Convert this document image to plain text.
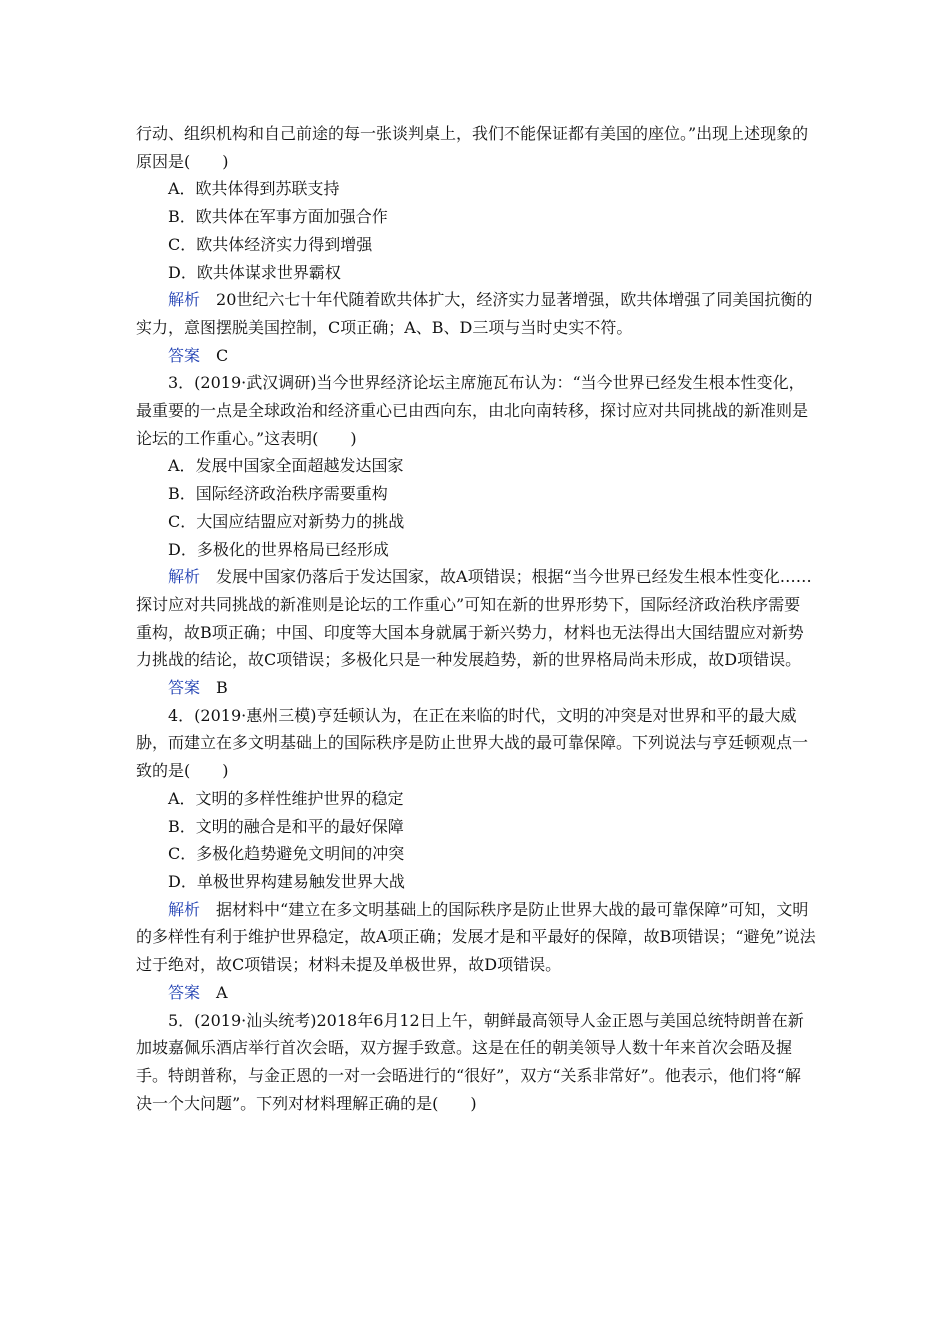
行动、组织机构和自己前途的每一张谈判桌上，我们不能保证都有美国的座位。”出现上述现象的原因是(　　)

A．欧共体得到苏联支持

B．欧共体在军事方面加强合作

C．欧共体经济实力得到增强

D．欧共体谋求世界霸权

解析 20世纪六七十年代随着欧共体扩大，经济实力显著增强，欧共体增强了同美国抗衡的实力，意图摆脱美国控制，C项正确；A、B、D三项与当时史实不符。

答案 C

3．(2019·武汉调研)当今世界经济论坛主席施瓦布认为：“当今世界已经发生根本性变化，最重要的一点是全球政治和经济重心已由西向东，由北向南转移，探讨应对共同挑战的新准则是论坛的工作重心。”这表明(　　)

A．发展中国家全面超越发达国家

B．国际经济政治秩序需要重构

C．大国应结盟应对新势力的挑战

D．多极化的世界格局已经形成

解析 发展中国家仍落后于发达国家，故A项错误；根据“当今世界已经发生根本性变化……探讨应对共同挑战的新准则是论坛的工作重心”可知在新的世界形势下，国际经济政治秩序需要重构，故B项正确；中国、印度等大国本身就属于新兴势力，材料也无法得出大国结盟应对新势力挑战的结论，故C项错误；多极化只是一种发展趋势，新的世界格局尚未形成，故D项错误。

答案 B

4．(2019·惠州三模)亨廷顿认为，在正在来临的时代，文明的冲突是对世界和平的最大威胁，而建立在多文明基础上的国际秩序是防止世界大战的最可靠保障。下列说法与亨廷顿观点一致的是(　　)

A．文明的多样性维护世界的稳定

B．文明的融合是和平的最好保障

C．多极化趋势避免文明间的冲突

D．单极世界构建易触发世界大战

解析 据材料中“建立在多文明基础上的国际秩序是防止世界大战的最可靠保障”可知，文明的多样性有利于维护世界稳定，故A项正确；发展才是和平最好的保障，故B项错误；“避免”说法过于绝对，故C项错误；材料未提及单极世界，故D项错误。

答案 A

5．(2019·汕头统考)2018年6月12日上午，朝鲜最高领导人金正恩与美国总统特朗普在新加坡嘉佩乐酒店举行首次会晤，双方握手致意。这是在任的朝美领导人数十年来首次会晤及握手。特朗普称，与金正恩的一对一会晤进行的“很好”，双方“关系非常好”。他表示，他们将“解决一个大问题”。下列对材料理解正确的是(　　)
